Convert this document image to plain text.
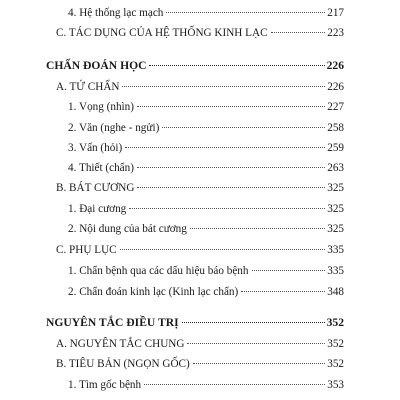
4. Hệ thống lạc mạch	217
C. TÁC DỤNG CỦA HỆ THỐNG KINH LẠC	223
CHẨN ĐOÁN HỌC	226
A. TỨ CHẨN	226
1. Vọng (nhìn)	227
2. Văn (nghe - ngửi)	258
3. Vấn (hỏi)	259
4. Thiết (chẩn)	263
B. BÁT CƯƠNG	325
1. Đại cương	325
2. Nội dung của bát cương	325
C. PHỤ LỤC	335
1. Chẩn bệnh qua các dấu hiệu báo bệnh	335
2. Chẩn đoán kinh lạc (Kinh lạc chẩn)	348
NGUYÊN TẮC ĐIỀU TRỊ	352
A. NGUYÊN TẮC CHUNG	352
B. TIÊU BẢN (NGỌN GỐC)	352
1. Tìm gốc bệnh	353
